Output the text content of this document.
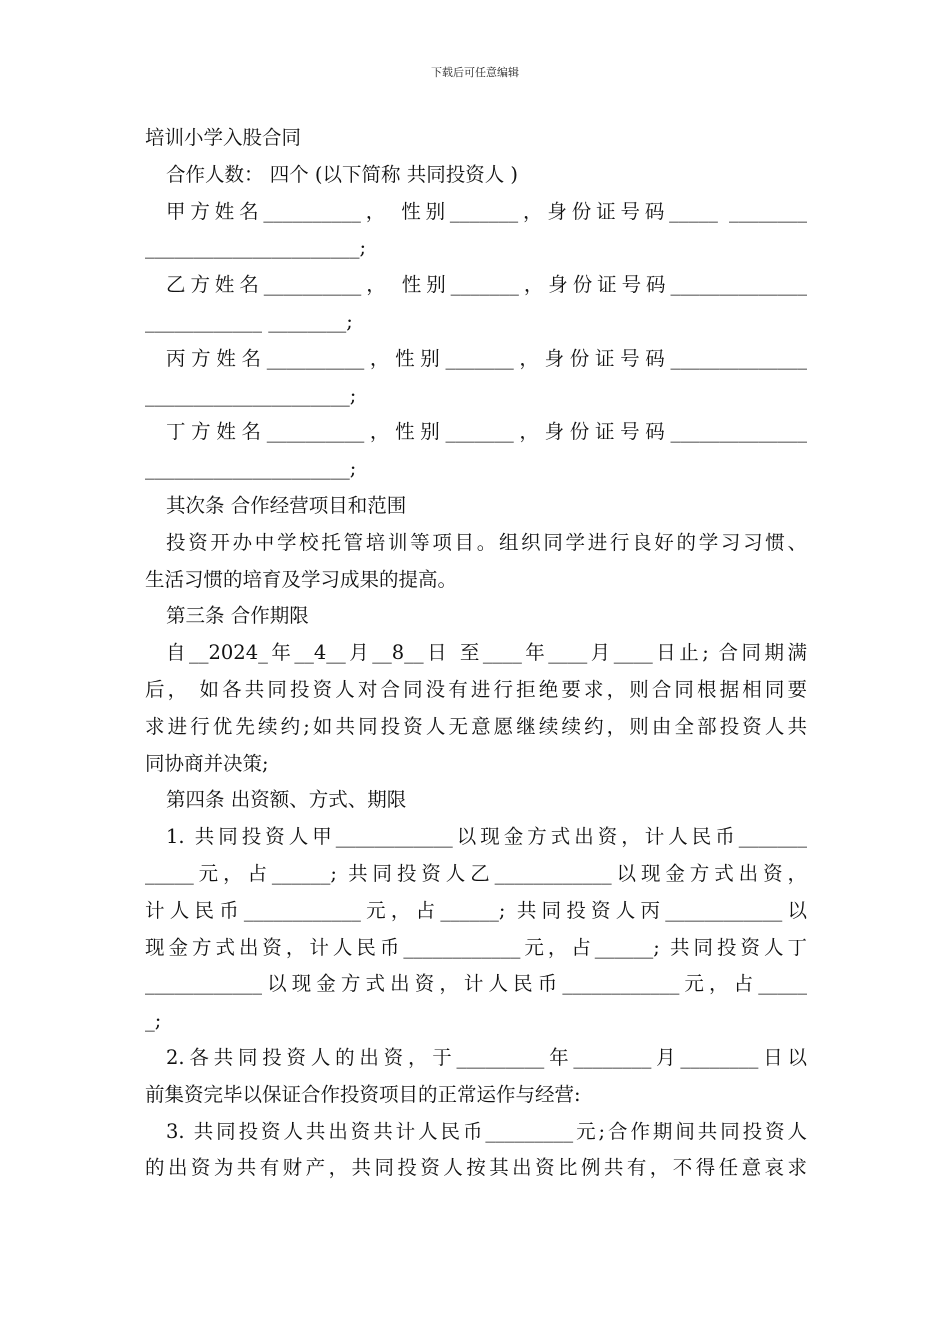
下载后可任意编辑
培训小学入股合同
合作人数： 四个 (以下简称 共同投资人 )
甲方姓名__________， 性别_______，身份证号码_____ ________
______________________;
乙方姓名__________， 性别_______，身份证号码______________
____________ ________;
丙方姓名__________，性别_______，身份证号码______________
_____________________;
丁方姓名__________，性别_______，身份证号码______________
_____________________;
其次条 合作经营项目和范围
投资开办中学校托管培训等项目。组织同学进行良好的学习习惯、
生活习惯的培育及学习成果的提高。
第三条 合作期限
自__2024_年__4__月__8__日 至____年____月____日止; 合同期满
后， 如各共同投资人对合同没有进行拒绝要求，则合同根据相同要
求进行优先续约;如共同投资人无意愿继续续约，则由全部投资人共
同协商并决策;
第四条 出资额、方式、期限
1. 共同投资人甲____________以现金方式出资，计人民币_______
_____元，占______; 共同投资人乙____________以现金方式出资，
计人民币____________元，占______; 共同投资人丙____________以
现金方式出资，计人民币____________元，占______; 共同投资人丁
____________以现金方式出资，计人民币____________元，占_____
_;
2.各共同投资人的出资，于_________年________月________日以
前集资完毕以保证合作投资项目的正常运作与经营:
3. 共同投资人共出资共计人民币_________元;合作期间共同投资人
的出资为共有财产，共同投资人按其出资比例共有，不得任意哀求
